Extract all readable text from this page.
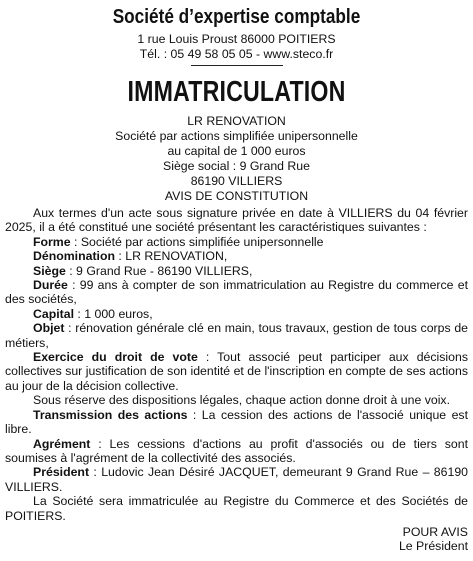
Société d’expertise comptable
1 rue Louis Proust 86000 POITIERS
Tél. : 05 49 58 05 05 - www.steco.fr
IMMATRICULATION
LR RENOVATION
Société par actions simplifiée unipersonnelle
au capital de 1 000 euros
Siège social : 9 Grand Rue
86190 VILLIERS
AVIS DE CONSTITUTION

Aux termes d'un acte sous signature privée en date à VILLIERS du 04 février 2025, il a été constitué une société présentant les caractéristiques suivantes :

Forme : Société par actions simplifiée unipersonnelle

Dénomination : LR RENOVATION,

Siège : 9 Grand Rue - 86190 VILLIERS,

Durée : 99 ans à compter de son immatriculation au Registre du commerce et des sociétés,

Capital : 1 000 euros,

Objet : rénovation générale clé en main, tous travaux, gestion de tous corps de métiers,

Exercice du droit de vote : Tout associé peut participer aux décisions collectives sur justification de son identité et de l'inscription en compte de ses actions au jour de la décision collective.

Sous réserve des dispositions légales, chaque action donne droit à une voix.

Transmission des actions : La cession des actions de l'associé unique est libre.

Agrément : Les cessions d'actions au profit d'associés ou de tiers sont soumises à l'agrément de la collectivité des associés.

Président : Ludovic Jean Désiré JACQUET, demeurant 9 Grand Rue – 86190 VILLIERS.

La Société sera immatriculée au Registre du Commerce et des Sociétés de POITIERS.

POUR AVIS

Le Président
